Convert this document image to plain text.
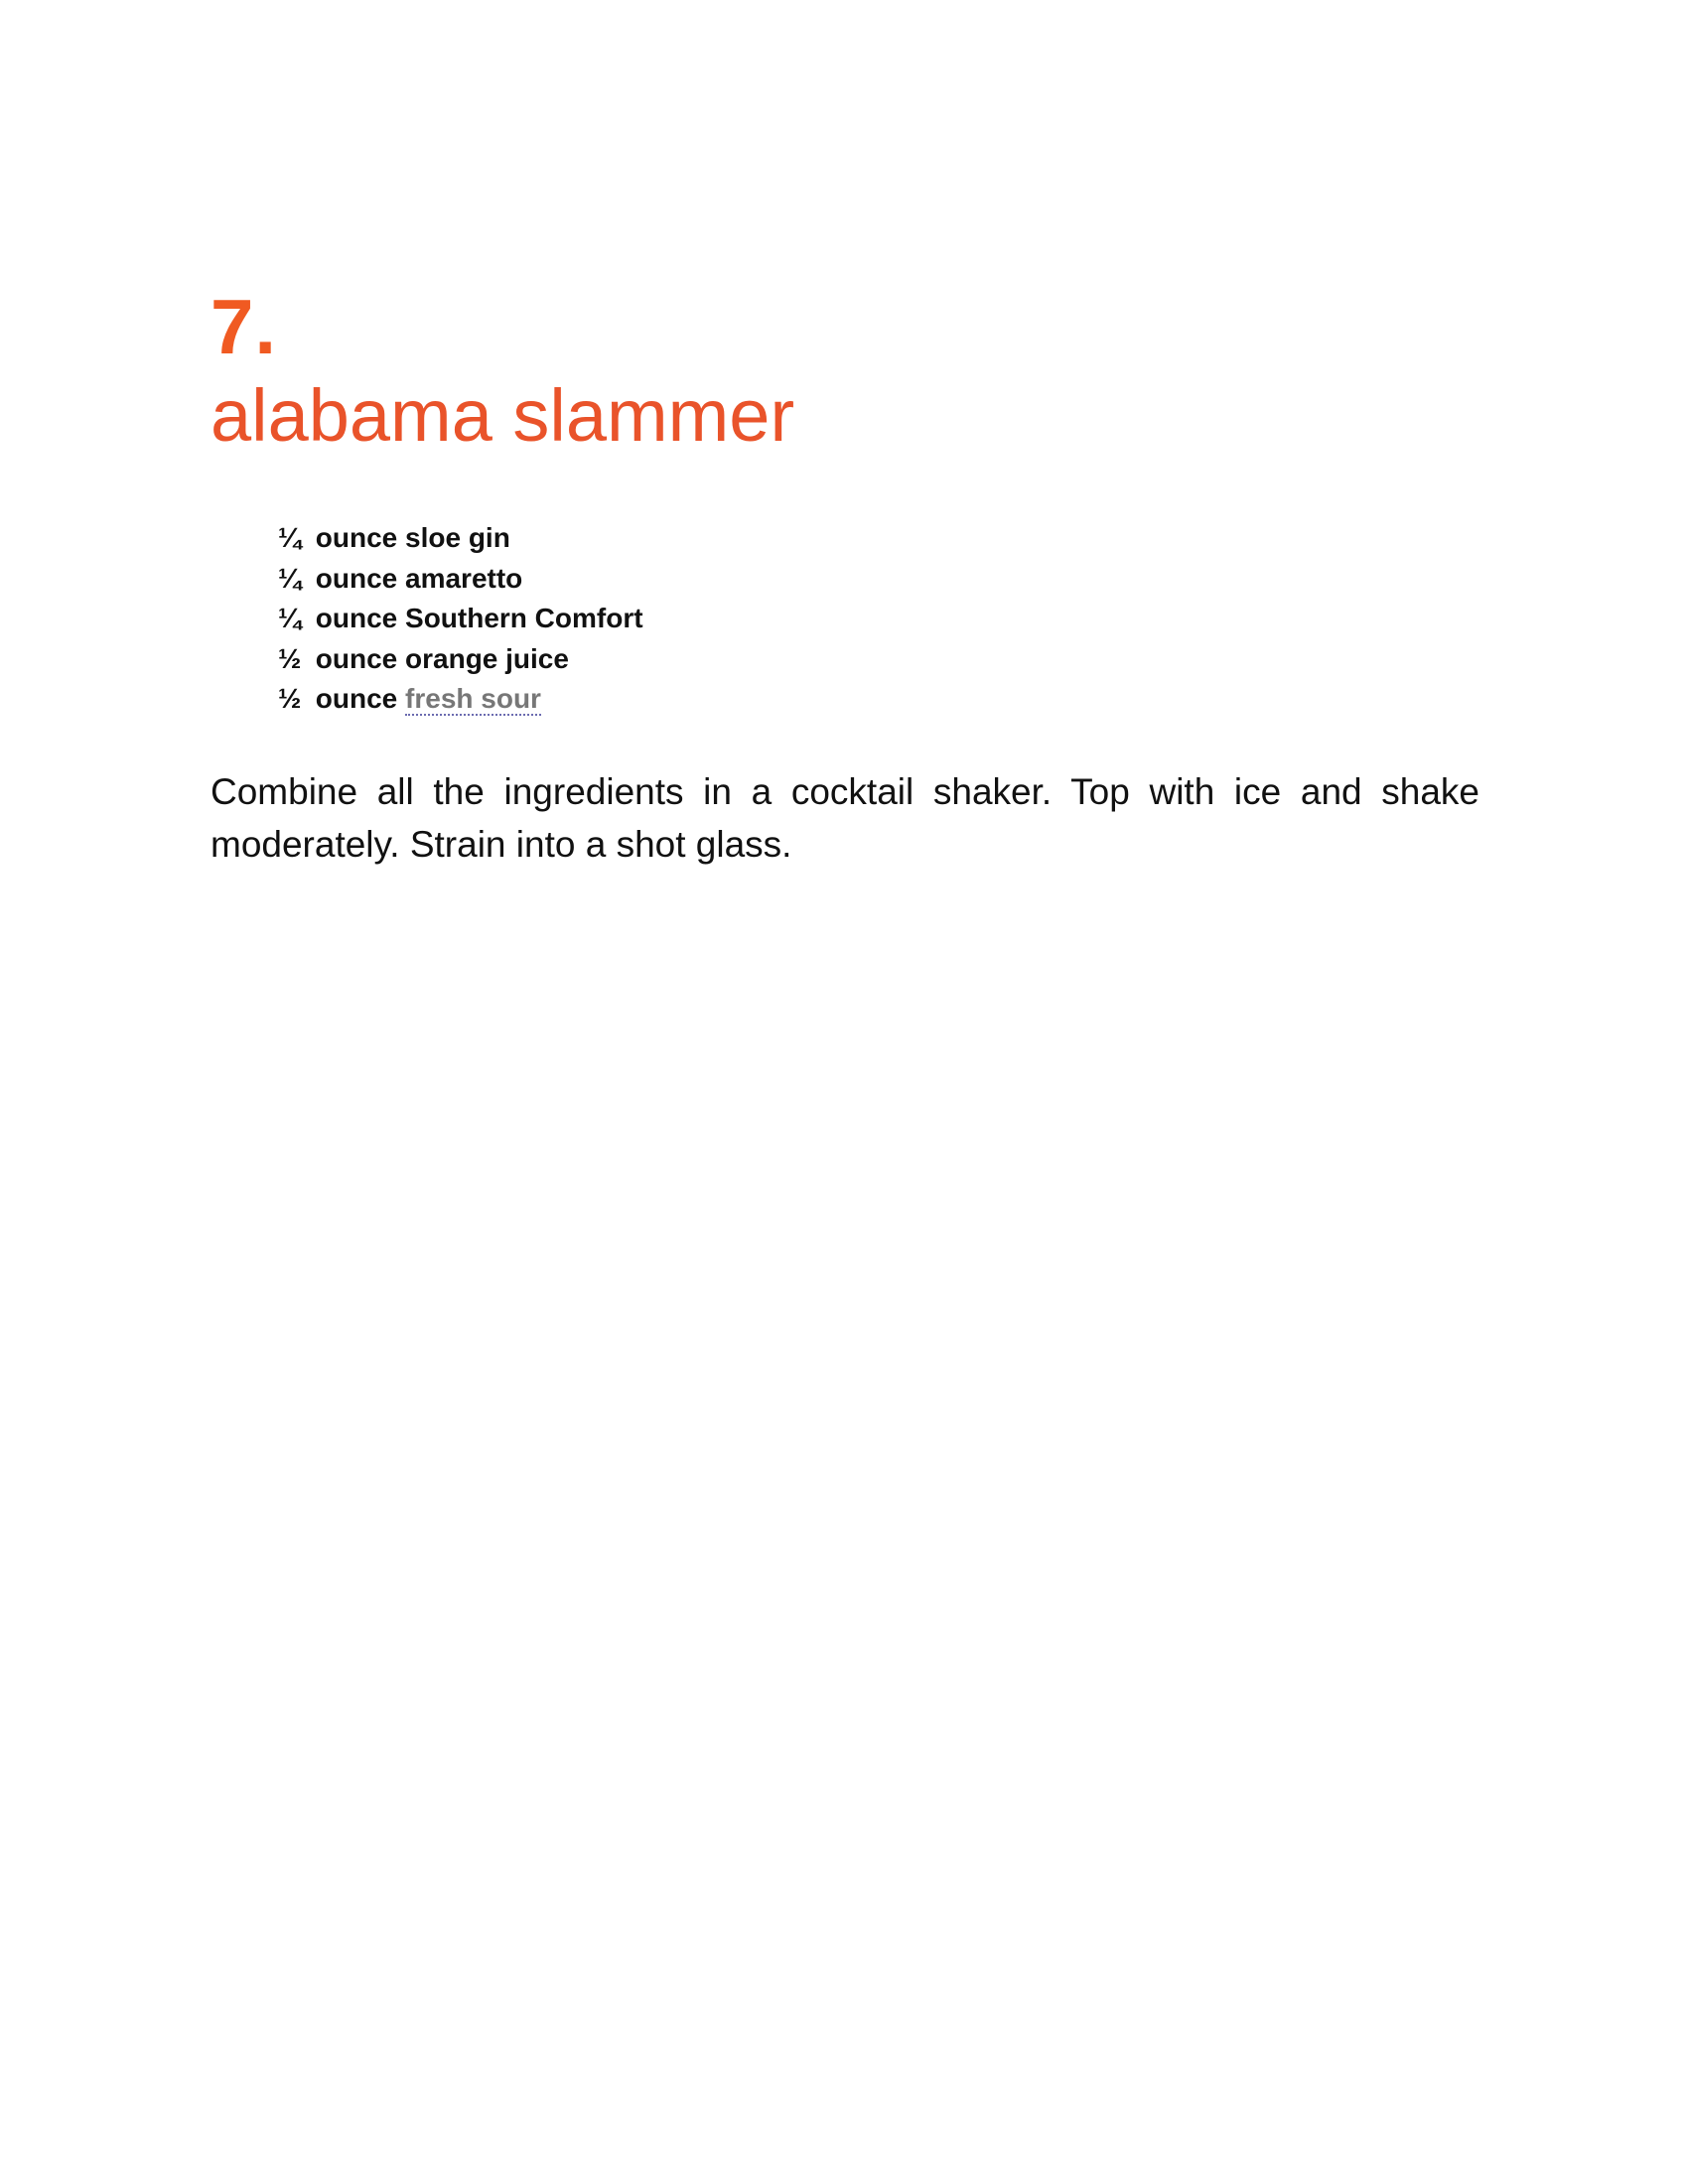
7.
alabama slammer
¼ ounce sloe gin
¼ ounce amaretto
¼ ounce Southern Comfort
½ ounce orange juice
½ ounce fresh sour

Combine all the ingredients in a cocktail shaker. Top with ice and shake moderately. Strain into a shot glass.
